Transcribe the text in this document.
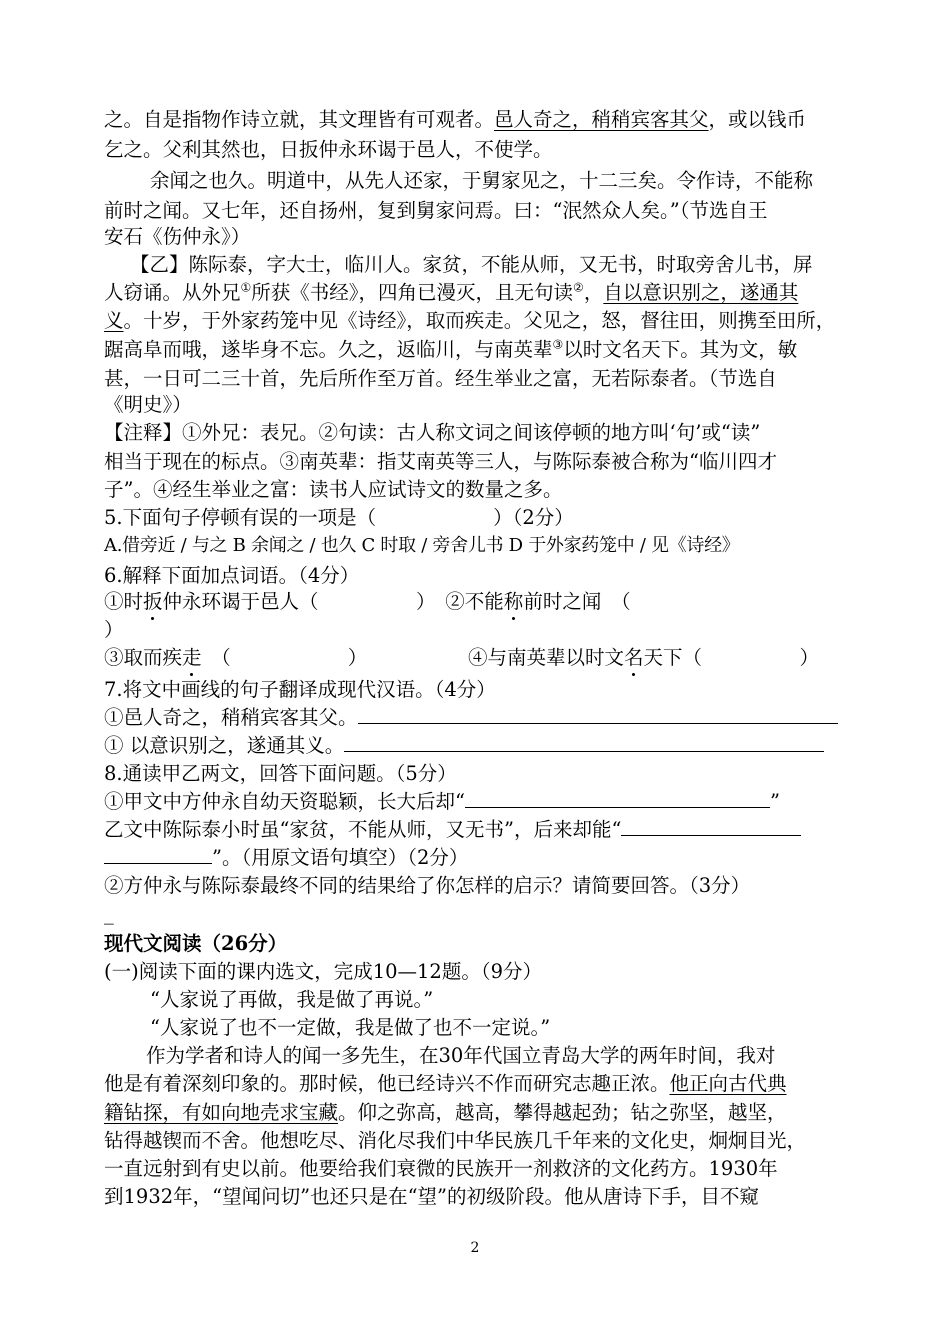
之。自是指物作诗立就，其文理皆有可观者。邑人奇之，稍稍宾客其父，或以钱币
乞之。父利其然也，日扳仲永环谒于邑人，不使学。
余闻之也久。明道中，从先人还家，于舅家见之，十二三矣。令作诗，不能称
前时之闻。又七年，还自扬州，复到舅家问焉。曰：“泯然众人矣。”（节选自王
安石《伤仲永》）
【乙】陈际泰，字大士，临川人。家贫，不能从师，又无书，时取旁舍儿书，屏
人窃诵。从外兄①所获《书经》，四角已漫灭，且无句读②，自以意识别之，遂通其
义。十岁，于外家药笼中见《诗经》，取而疾走。父见之，怒，督往田，则携至田所，
踞高阜而哦，遂毕身不忘。久之，返临川，与南英辈③以时文名天下。其为文，敏
甚，一日可二三十首，先后所作至万首。经生举业之富，无若际泰者。（节选自
《明史》）
【注释】①外兄：表兄。②句读：古人称文词之间该停顿的地方叫‘句’或“读”
相当于现在的标点。③南英辈：指艾南英等三人，与陈际泰被合称为“临川四才
子”。④经生举业之富：读书人应试诗文的数量之多。
5.下面句子停顿有误的一项是（　　　　　　）（2分）
A.借旁近 / 与之 B 余闻之 / 也久 C 时取 / 旁舍儿书 D 于外家药笼中 / 见《诗经》
6.解释下面加点词语。（4分）
①时扳仲永环谒于邑人（　　　　　）　②不能称前时之闻　（
）
③取而疾走　（　　　　　　）	④与南英辈以时文名天下（　　　　　）
7.将文中画线的句子翻译成现代汉语。（4分）
①邑人奇之，稍稍宾客其父。
① 以意识别之，遂通其义。
8.通读甲乙两文，回答下面问题。（5分）
①甲文中方仲永自幼天资聪颖，长大后却“	”
乙文中陈际泰小时虽“家贫，不能从师，又无书”，后来却能“
”。（用原文语句填空）（2分）
②方仲永与陈际泰最终不同的结果给了你怎样的启示？请简要回答。（3分）
_
现代文阅读（26分）
(一)阅读下面的课内选文，完成10—12题。（9分）
“人家说了再做，我是做了再说。”
“人家说了也不一定做，我是做了也不一定说。”
作为学者和诗人的闻一多先生，在30年代国立青岛大学的两年时间，我对
他是有着深刻印象的。那时候，他已经诗兴不作而研究志趣正浓。他正向古代典
籍钻探，有如向地壳求宝藏。仰之弥高，越高，攀得越起劲；钻之弥坚，越坚，
钻得越锲而不舍。他想吃尽、消化尽我们中华民族几千年来的文化史，炯炯目光，
一直远射到有史以前。他要给我们衰微的民族开一剂救济的文化药方。1930年
到1932年，“望闻问切”也还只是在“望”的初级阶段。他从唐诗下手，目不窥
2
